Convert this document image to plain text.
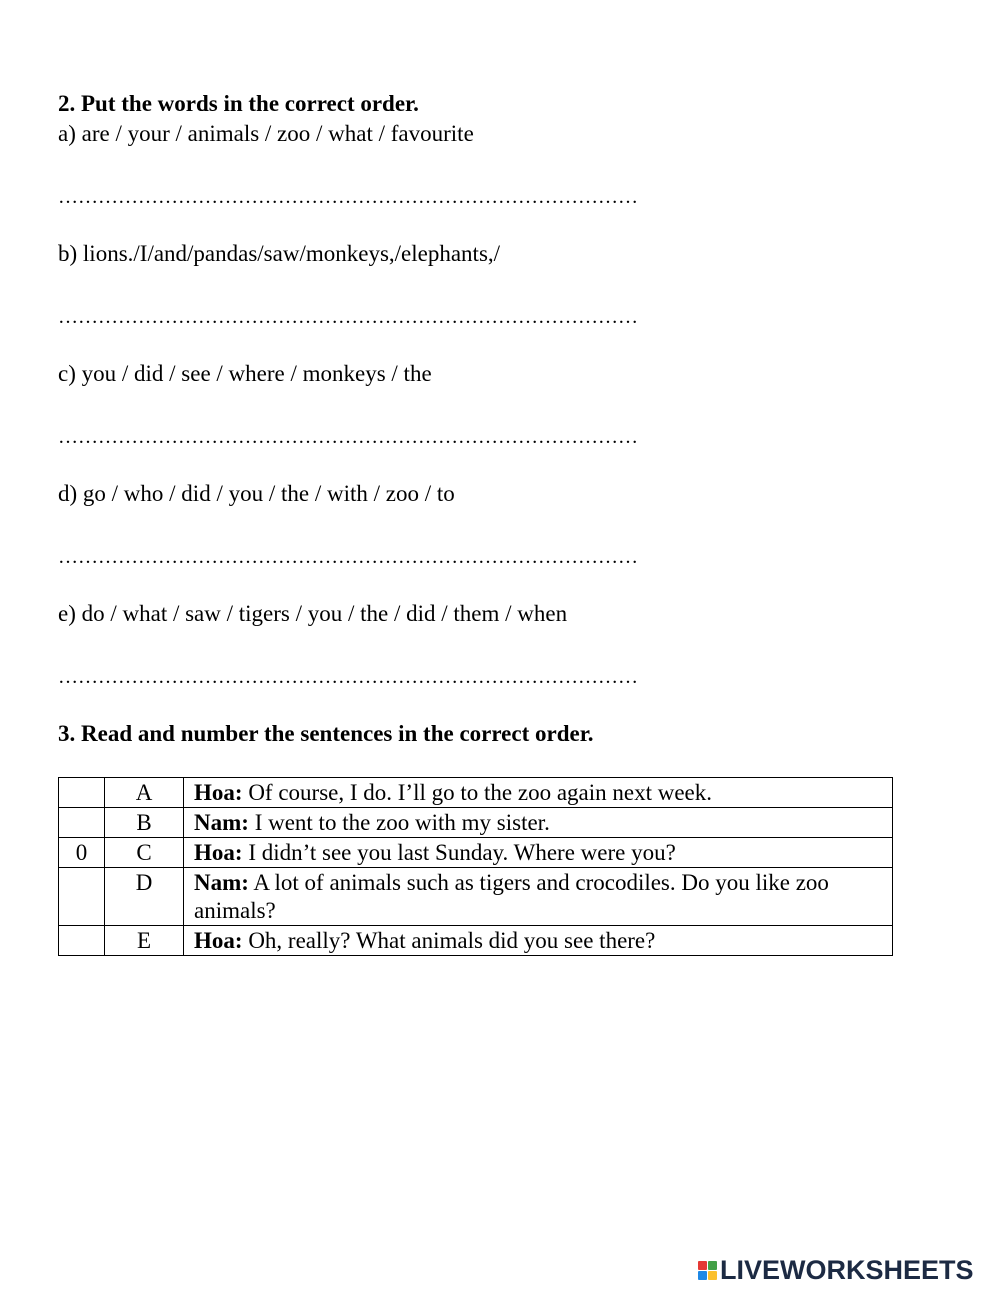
2. Put the words in the correct order.
a) are / your / animals / zoo / what / favourite
……………………………………………………………………………
b) lions./I/and/pandas/saw/monkeys,/elephants,/
……………………………………………………………………………
c) you / did / see / where / monkeys / the
……………………………………………………………………………
d) go / who / did / you / the / with / zoo / to
……………………………………………………………………………
e) do / what / saw / tigers / you / the / did / them / when
……………………………………………………………………………
3. Read and number the sentences in the correct order.
	A	Hoa: Of course, I do. I’ll go to the zoo again next week.
	B	Nam: I went to the zoo with my sister.
0	C	Hoa: I didn’t see you last Sunday. Where were you?
	D	Nam: A lot of animals such as tigers and crocodiles. Do you like zoo animals?
	E	Hoa: Oh, really? What animals did you see there?
LIVEWORKSHEETS
